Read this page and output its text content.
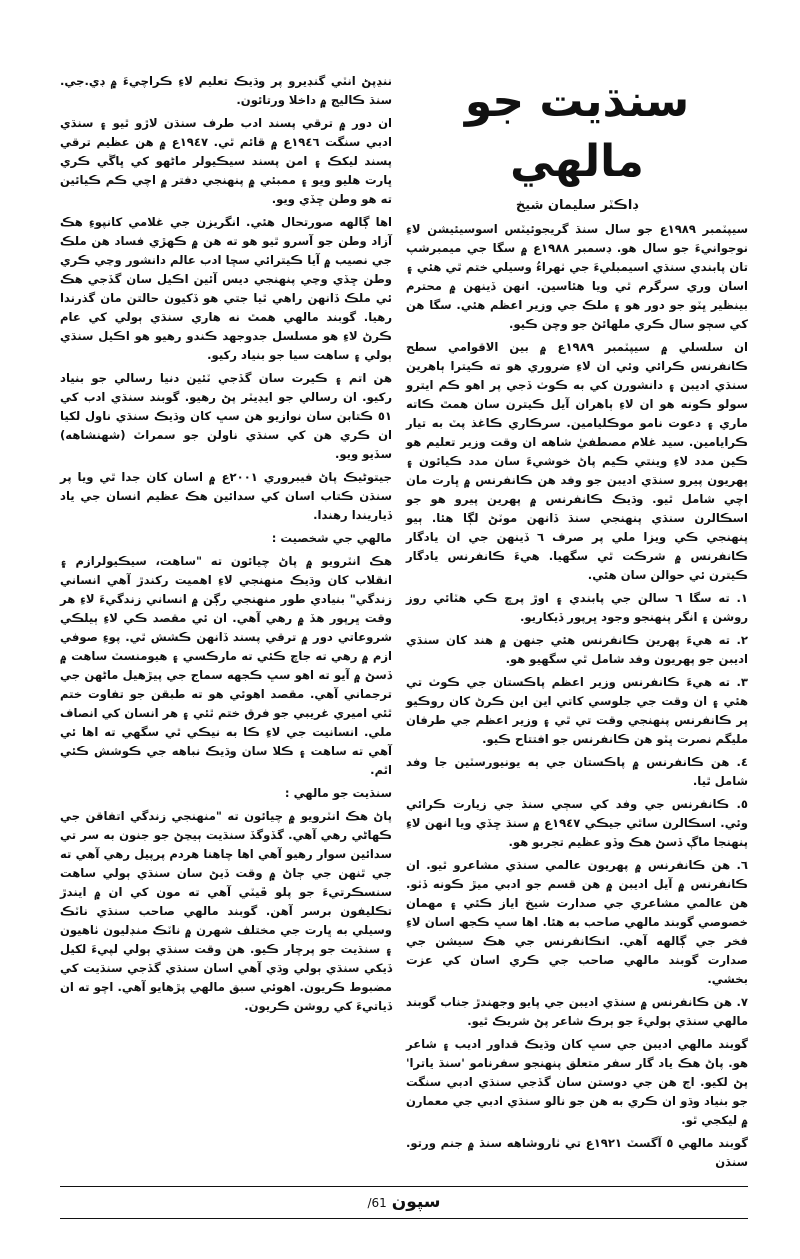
ننڍپڻ انٽي گنڊيرو پر وڌيڪ تعليم لاءِ ڪراچيءَ ۾ ڊي.جي. سنڌ ڪاليج ۾ داخلا ورتائون.

ان دور ۾ ترقي پسند ادب طرف سنڌن لاڙو ٿيو ۽ سنڌي ادبي سنگت ١٩٤٦ع ۾ قائم ٿي. ١٩٤٧ع ۾ هن عظيم ترقي پسند ليکڪ ۽ امن پسند سيڪيولر ماڻهو کي ڀاڱي ڪري ڀارت هليو ويو ۽ ممبئي ۾ پنهنجي دفتر ۾ اچي ڪم ڪيائين ته هو وطن ڇڏي ويو.

اها ڳالهه صورتحال هئي. انگريزن جي غلامي کانپوءِ هڪ آزاد وطن جو آسرو ٿيو هو ته هن ۾ ڪهڙي فساد هن ملڪ جي نصيب ۾ آيا ڪيترائي سچا ادب عالم دانشور وڃي ڪري وطن ڇڏي وڃي پنهنجي ديس آئين اڪيل سان گڏجي هڪ ئي ملڪ ڏانهن راهي ٿيا جتي هو ڏکيون حالتن مان گذرندا رهيا. گوبند مالهي همٿ نه هاري سنڌي ٻولي کي عام ڪرڻ لاءِ هو مسلسل جدوجهد ڪندو رهيو هو اڪيل سنڌي ٻولي ۽ ساهت سيا جو بنياد رکيو.

هن اتم ۽ ڪيرت سان گڏجي ٽئين دنيا رسالي جو بنياد رکيو. ان رسالي جو ايڊيٽر پڻ رهيو. گوبند سنڌي ادب کي ٥١ ڪتابن سان نوازيو هن سڀ کان وڌيڪ سنڌي ناول لکيا ان ڪري هن کي سنڌي ناولن جو سمراٽ (شهنشاهه) سڏيو ويو.

جيتوڻيڪ پاڻ فيبروري ٢٠٠١ع ۾ اسان کان جدا ٿي ويا پر سنڌن ڪتاب اسان کي سدائين هڪ عظيم انسان جي ياد ڏياريندا رهندا.

مالهي جي شخصيت :

هڪ انٽرويو ۾ پاڻ چيائون ته "ساهت، سيڪيولرازم ۽ انقلاب کان وڌيڪ منهنجي لاءِ اهميت رکندڙ آهي انساني زندگي" بنيادي طور منهنجي رڳن ۾ انساني زندگيءَ لاءِ هر وقت ڀرپور هڏ ۾ رهي آهي. ان ئي مقصد ڪي لاءِ ٻيلڪي شروعاتي دور ۾ ترقي پسند ڏانهن ڪشش ٿي. پوءِ صوفي ازم ۾ رهي ته جاچ ڪئي ته مارڪسي ۽ هيومنسٽ ساهت ۾ ڏسڻ ۾ آيو ته اهو سڀ ڪجهه سماج جي پيڙهيل ماڻهن جي ترجماني آهي. مقصد اهوئي هو ته طبقن جو تفاوت ختم ٿئي اميري غريبي جو فرق ختم ٿئي ۽ هر انسان کي انصاف ملي. انسانيت جي لاءِ ڪا به نيڪي ٿي سگهي ته اها ئي آهي ته ساهت ۽ ڪلا سان وڌيڪ نباهه جي ڪوشش ڪئي اٿم.

سنڌيت جو مالهي :

پاڻ هڪ انٽرويو ۾ چيائون ته "منهنجي زندگي اتفاقن جي ڪهاڻي رهي آهي. گڏوگڏ سنڌيت ٻيڃڻ جو جنون به سر تي سدائين سوار رهيو آهي اها چاهنا هردم پرپيل رهي آهي ته جي ٿنهن جي ڄاڻ ۾ وقت ڏيڻ سان سنڌي ٻولي ساهت سنسڪرتيءَ جو پلو ڦيٽي آهي ته مون کي ان ۾ ايندڙ تڪليفون برسر آهن. گوبند مالهي صاحب سنڌي ناٽڪ وسيلي به ڀارت جي مختلف شهرن ۾ ناٽڪ منڊليون ٺاهيون ۽ سنڌيت جو پرچار ڪيو. هن وقت سنڌي ٻولي لپيءَ لکيل ڏيکي سنڌي ٻولي وڌي آهي اسان سنڌي گڏجي سنڌيت کي مضبوط ڪريون. اهوئي سبق مالهي پڙهايو آهي. اچو ته ان ڏياتيءَ کي روشن ڪريون.

سنڌيت جو مالهي
ڊاڪٽر سليمان شيخ

سيپٽمبر ١٩٨٩ع جو سال سنڌ گريجوئيٽس اسوسيئيشن لاءِ نوجوانيءَ جو سال هو. ڊسمبر ١٩٨٨ع ۾ سگا جي ميمبرشپ تان پابندي سنڌي اسيمبليءَ جي ٺهراءُ وسيلي ختم ٿي هئي ۽ اسان وري سرگرم ٿي ويا هئاسين. انهن ڏينهن ۾ محترم بينظير ڀٽو جو دور هو ۽ ملڪ جي وزير اعظم هئي. سگا هن کي سڄو سال ڪري ملهائڻ جو وچن ڪيو.

ان سلسلي ۾ سيپٽمبر ١٩٨٩ع ۾ بين الاقوامي سطح ڪانفرنس ڪرائي وئي ان لاءِ ضروري هو ته ڪيترا ٻاهرين سنڌي اديبن ۽ دانشورن کي به ڪوٺ ڏجي پر اهو ڪم ايترو سولو ڪونه هو ان لاءِ ٻاهران آيل ڪيترن سان همٿ ڪاته ماري ۽ دعوت نامو موڪليامين. سرڪاري ڪاغذ پٽ به تيار ڪرايامين. سيد غلام مصطفيٰ شاهه ان وقت وزير تعليم هو ڪين مدد لاءِ وينتي ڪيم پاڻ خوشيءَ سان مدد ڪيائون ۽ پهريون پيرو سنڌي اديبن جو وفد هن ڪانفرنس ۾ ڀارت مان اچي شامل ٿيو. وڌيڪ ڪانفرنس ۾ پهرين پيرو هو جو اسڪالرن سنڌي پنهنجي سنڌ ڏانهن موٽڻ لڳا هئا. ٻيو پنهنجي ڪي ويزا ملي پر صرف ٦ ڏينهن جي ان يادگار ڪانفرنس ۾ شرڪت ٿي سگهيا. هيءَ ڪانفرنس يادگار ڪيترن ئي حوالن سان هئي.

١. ته سگا ٦ سالن جي پابندي ۽ اوڙ پرڇ ڪي هٽائي روز روشن ۽ انگر پنهنجو وجود ڀرپور ڏيکاريو.

٢. ته هيءَ پهرين ڪانفرنس هئي جنهن ۾ هند کان سنڌي اديبن جو پهريون وفد شامل ٿي سگهيو هو.

٣. ته هيءَ ڪانفرنس وزير اعظم پاڪستان جي ڪوٺ تي هئي ۽ ان وقت جي جلوسي کاتي اين اين ڪرڻ کان روڪيو پر ڪانفرنس پنهنجي وقت تي ٿي ۽ وزير اعظم جي طرفان مليگم نصرت ڀٽو هن ڪانفرنس جو افتتاح ڪيو.

٤. هن ڪانفرنس ۾ پاڪستان جي ٻه يونيورسٽين جا وفد شامل ٿيا.

٥. ڪانفرنس جي وفد کي سڄي سنڌ جي زيارت ڪرائي وئي. اسڪالرن ساٿي جيڪي ١٩٤٧ع ۾ سنڌ ڇڏي ويا انهن لاءِ پنهنجا ماڳ ڏسڻ هڪ وڏو عظيم تجربو هو.

٦. هن ڪانفرنس ۾ پهريون عالمي سنڌي مشاعرو ٿيو. ان ڪانفرنس ۾ آيل اديبن ۾ هن قسم جو ادبي ميڙ ڪونه ڏٺو. هن عالمي مشاعري جي صدارت شيخ اياز ڪئي ۽ مهمان خصوصي گوبند مالهي صاحب به هئا. اها سڀ ڪجھ اسان لاءِ فخر جي ڳالهه آهي. انڪانفرنس جي هڪ سيشن جي صدارت گوبند مالهي صاحب جي ڪري اسان کي عزت بخشي.

٧. هن ڪانفرنس ۾ سنڌي اديبن جي پايو وجهندڙ جناب گوبند مالهي سنڌي ٻوليءَ جو ٻرڪ شاعر پڻ شريڪ ٿيو.

گوبند مالهي اديبن جي سڀ کان وڌيڪ قداور اديب ۽ شاعر هو. پاڻ هڪ ياد گار سفر متعلق پنهنجو سفرنامو 'سنڌ ياترا' پڻ لکيو. اڄ هن جي دوستن سان گڏجي سنڌي ادبي سنگت جو بنياد وڌو ان ڪري به هن جو نالو سنڌي ادبي جي معمارن ۾ ليکجي ٿو.

گوبند مالهي ٥ آگسٽ ١٩٢١ع تي ٺاروشاهه سنڌ ۾ جنم ورتو. سنڌن

سپون 61/
